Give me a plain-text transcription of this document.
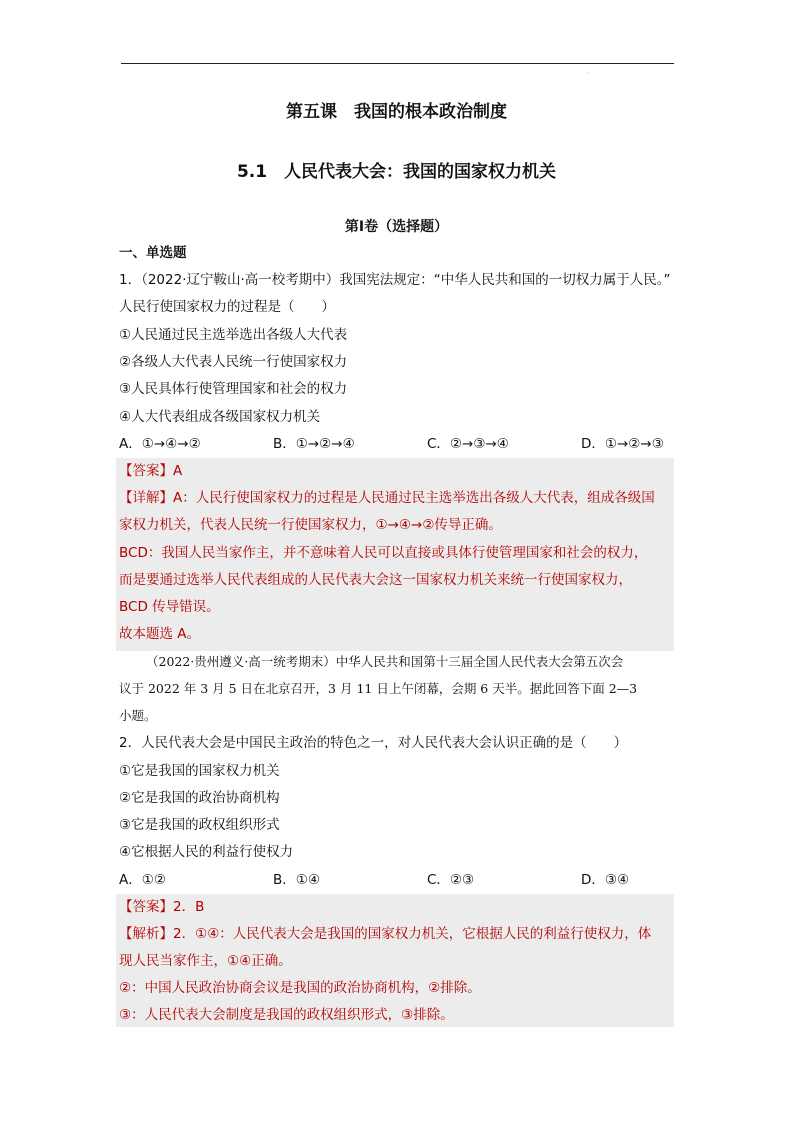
·
第五课　我国的根本政治制度
5.1　人民代表大会：我国的国家权力机关
第Ⅰ卷（选择题）
一、单选题
1．（2022·辽宁鞍山·高一校考期中）我国宪法规定：“中华人民共和国的一切权力属于人民。”
人民行使国家权力的过程是（　　）
①人民通过民主选举选出各级人大代表
②各级人大代表人民统一行使国家权力
③人民具体行使管理国家和社会的权力
④人大代表组成各级国家权力机关
A．①→④→②	B．①→②→④	C．②→③→④	D．①→②→③
【答案】A
【详解】A：人民行使国家权力的过程是人民通过民主选举选出各级人大代表，组成各级国
家权力机关，代表人民统一行使国家权力，①→④→②传导正确。
BCD：我国人民当家作主，并不意味着人民可以直接或具体行使管理国家和社会的权力，
而是要通过选举人民代表组成的人民代表大会这一国家权力机关来统一行使国家权力，
BCD 传导错误。
故本题选 A。
（2022·贵州遵义·高一统考期末）中华人民共和国第十三届全国人民代表大会第五次会
议于 2022 年 3 月 5 日在北京召开，3 月 11 日上午闭幕，会期 6 天半。据此回答下面 2—3
小题。
2．人民代表大会是中国民主政治的特色之一，对人民代表大会认识正确的是（　　）
①它是我国的国家权力机关
②它是我国的政治协商机构
③它是我国的政权组织形式
④它根据人民的利益行使权力
A．①②	B．①④	C．②③	D．③④
【答案】2．B
【解析】2．①④：人民代表大会是我国的国家权力机关，它根据人民的利益行使权力，体
现人民当家作主，①④正确。
②：中国人民政治协商会议是我国的政治协商机构，②排除。
③：人民代表大会制度是我国的政权组织形式，③排除。
